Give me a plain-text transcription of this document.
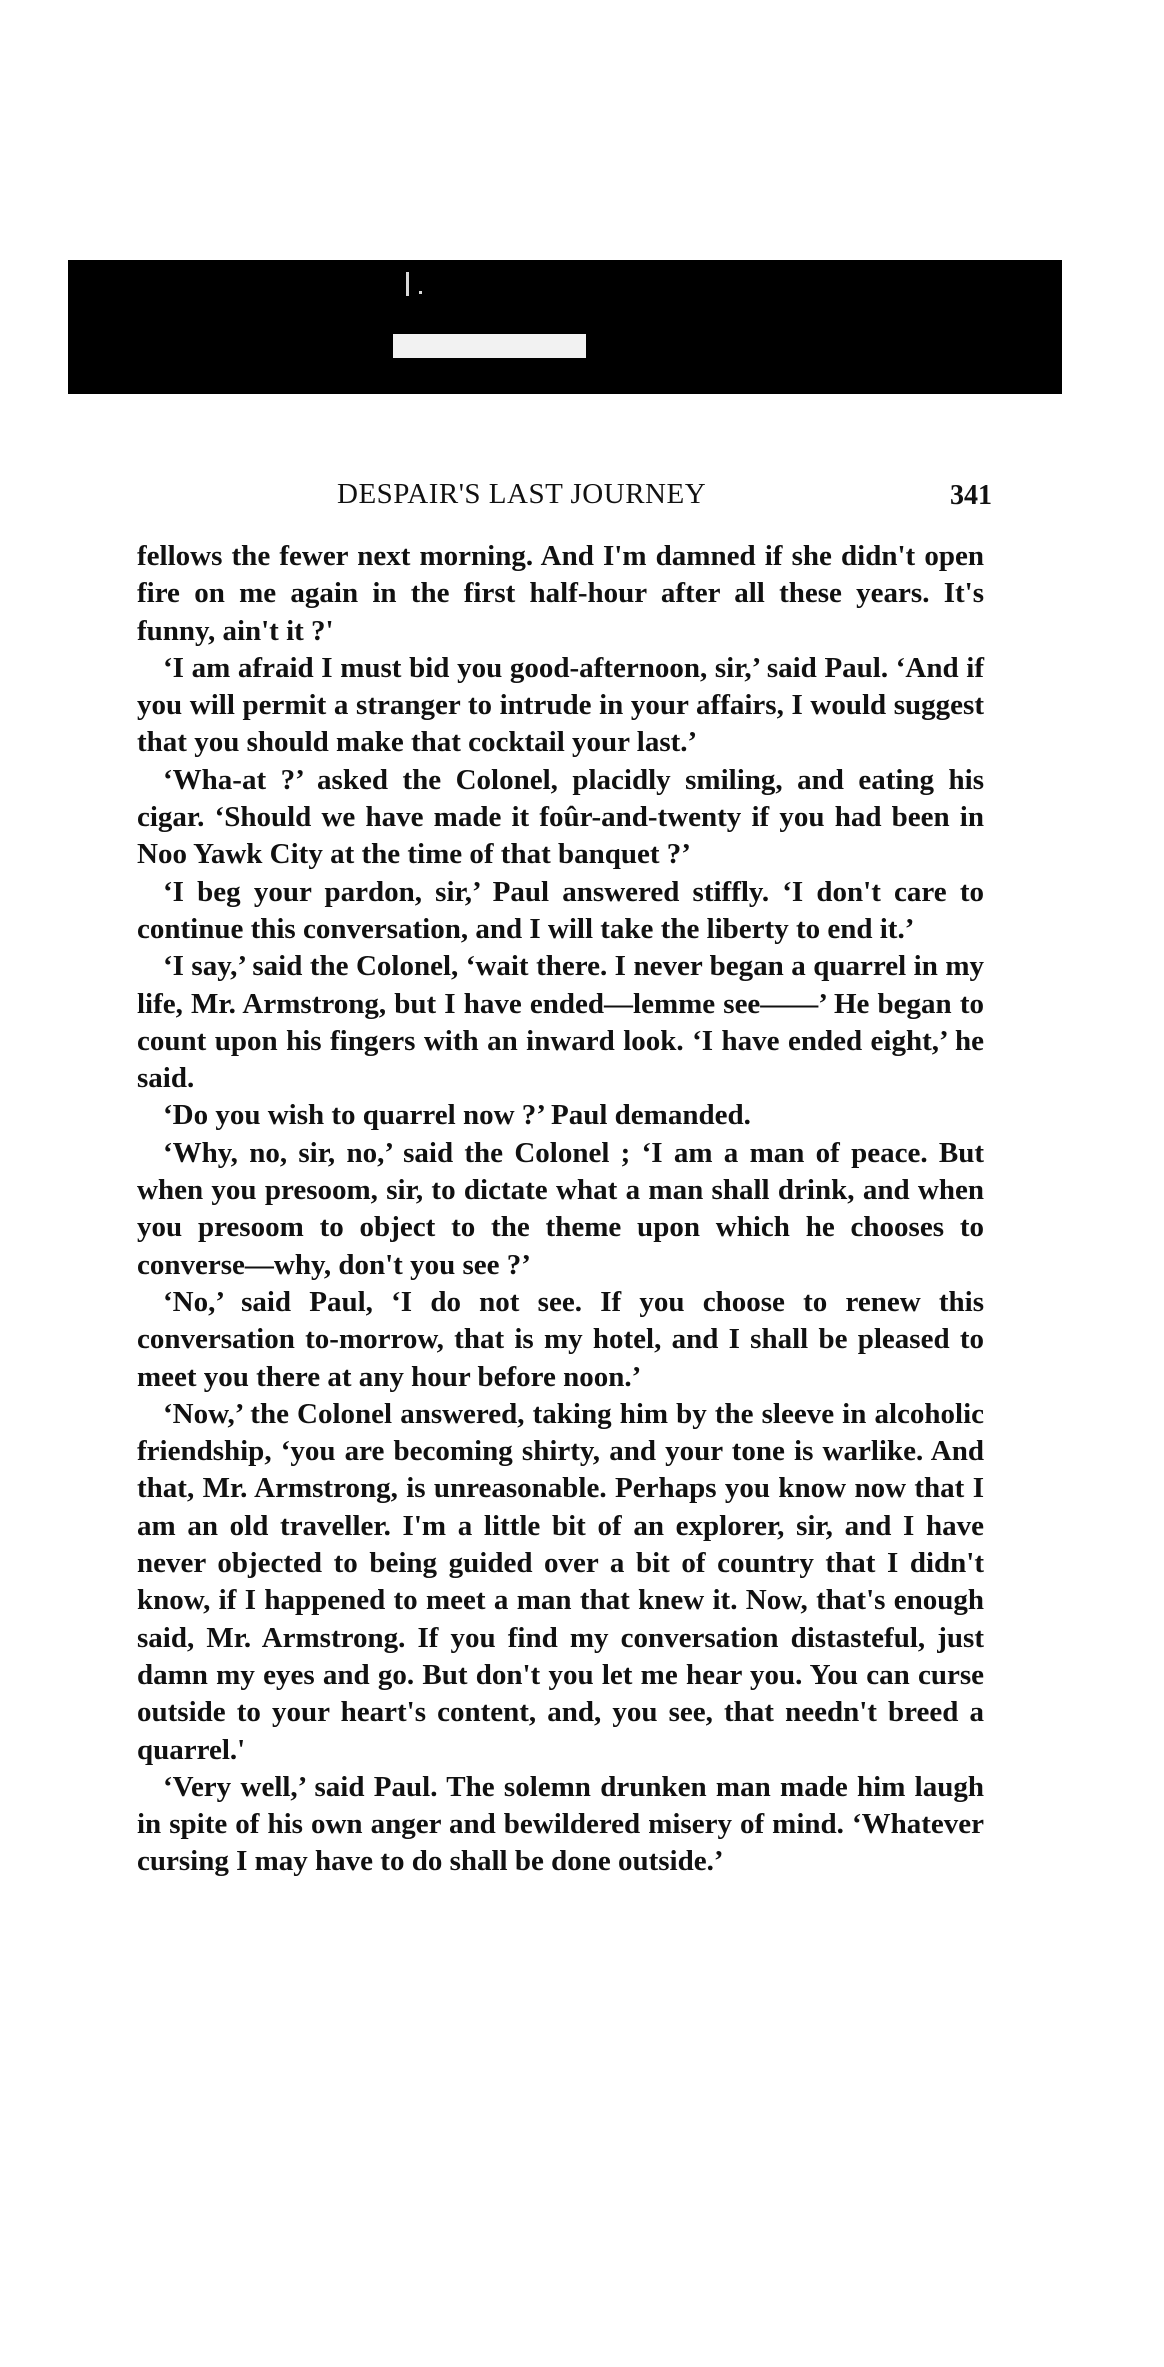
DESPAIR'S LAST JOURNEY	341

fellows the fewer next morning. And I'm damned if she didn't open fire on me again in the first half-hour after all these years. It's funny, ain't it ?'

‘I am afraid I must bid you good-afternoon, sir,’ said Paul. ‘And if you will permit a stranger to intrude in your affairs, I would suggest that you should make that cocktail your last.’

‘Wha-at ?’ asked the Colonel, placidly smiling, and eating his cigar. ‘Should we have made it foûr-and-twenty if you had been in Noo Yawk City at the time of that banquet ?’

‘I beg your pardon, sir,’ Paul answered stiffly. ‘I don't care to continue this conversation, and I will take the liberty to end it.’

‘I say,’ said the Colonel, ‘wait there. I never began a quarrel in my life, Mr. Armstrong, but I have ended—lemme see——’ He began to count upon his fingers with an inward look. ‘I have ended eight,’ he said.

‘Do you wish to quarrel now ?’ Paul demanded.

‘Why, no, sir, no,’ said the Colonel ; ‘I am a man of peace. But when you presoom, sir, to dictate what a man shall drink, and when you presoom to object to the theme upon which he chooses to converse—why, don't you see ?’

‘No,’ said Paul, ‘I do not see. If you choose to renew this conversation to-morrow, that is my hotel, and I shall be pleased to meet you there at any hour before noon.’

‘Now,’ the Colonel answered, taking him by the sleeve in alcoholic friendship, ‘you are becoming shirty, and your tone is warlike. And that, Mr. Armstrong, is unreasonable. Perhaps you know now that I am an old traveller. I'm a little bit of an explorer, sir, and I have never objected to being guided over a bit of country that I didn't know, if I happened to meet a man that knew it. Now, that's enough said, Mr. Armstrong. If you find my conversation distasteful, just damn my eyes and go. But don't you let me hear you. You can curse outside to your heart's content, and, you see, that needn't breed a quarrel.'

‘Very well,’ said Paul. The solemn drunken man made him laugh in spite of his own anger and bewildered misery of mind. ‘Whatever cursing I may have to do shall be done outside.’
